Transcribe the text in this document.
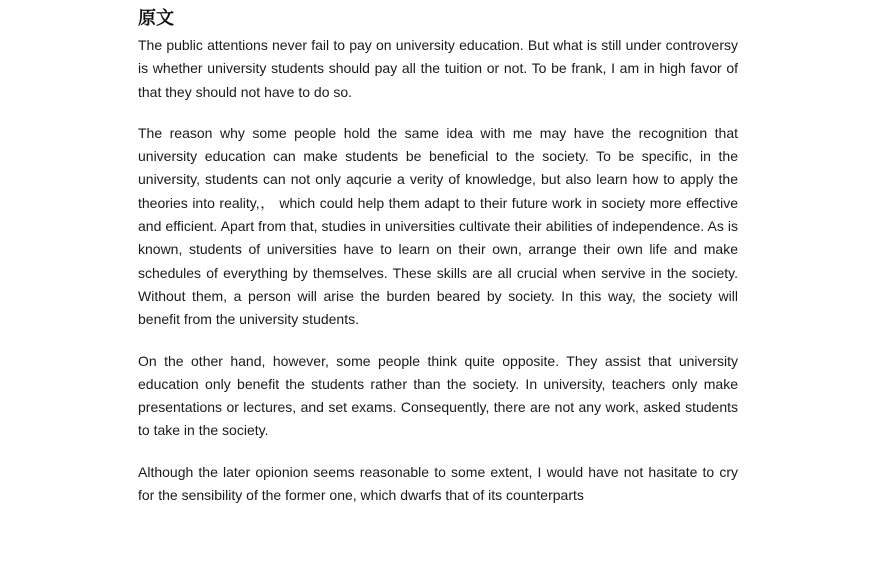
原文

The public attentions never fail to pay on university education. But what is still under controversy is whether university students should pay all the tuition or not. To be frank, I am in high favor of that they should not have to do so.

The reason why some people hold the same idea with me may have the recognition that university education can make students be beneficial to the society. To be specific, in the university, students can not only aqcurie a verity of knowledge, but also learn how to apply the theories into reality,， which could help them adapt to their future work in society more effective and efficient. Apart from that, studies in universities cultivate their abilities of independence. As is known, students of universities have to learn on their own, arrange their own life and make schedules of everything by themselves. These skills are all crucial when servive in the society. Without them, a person will arise the burden beared by society. In this way, the society will benefit from the university students.

On the other hand, however, some people think quite opposite. They assist that university education only benefit the students rather than the society. In university, teachers only make presentations or lectures, and set exams. Consequently, there are not any work, asked students to take in the society.

Although the later opionion seems reasonable to some extent, I would have not hasitate to cry for the sensibility of the former one, which dwarfs that of its counterparts
